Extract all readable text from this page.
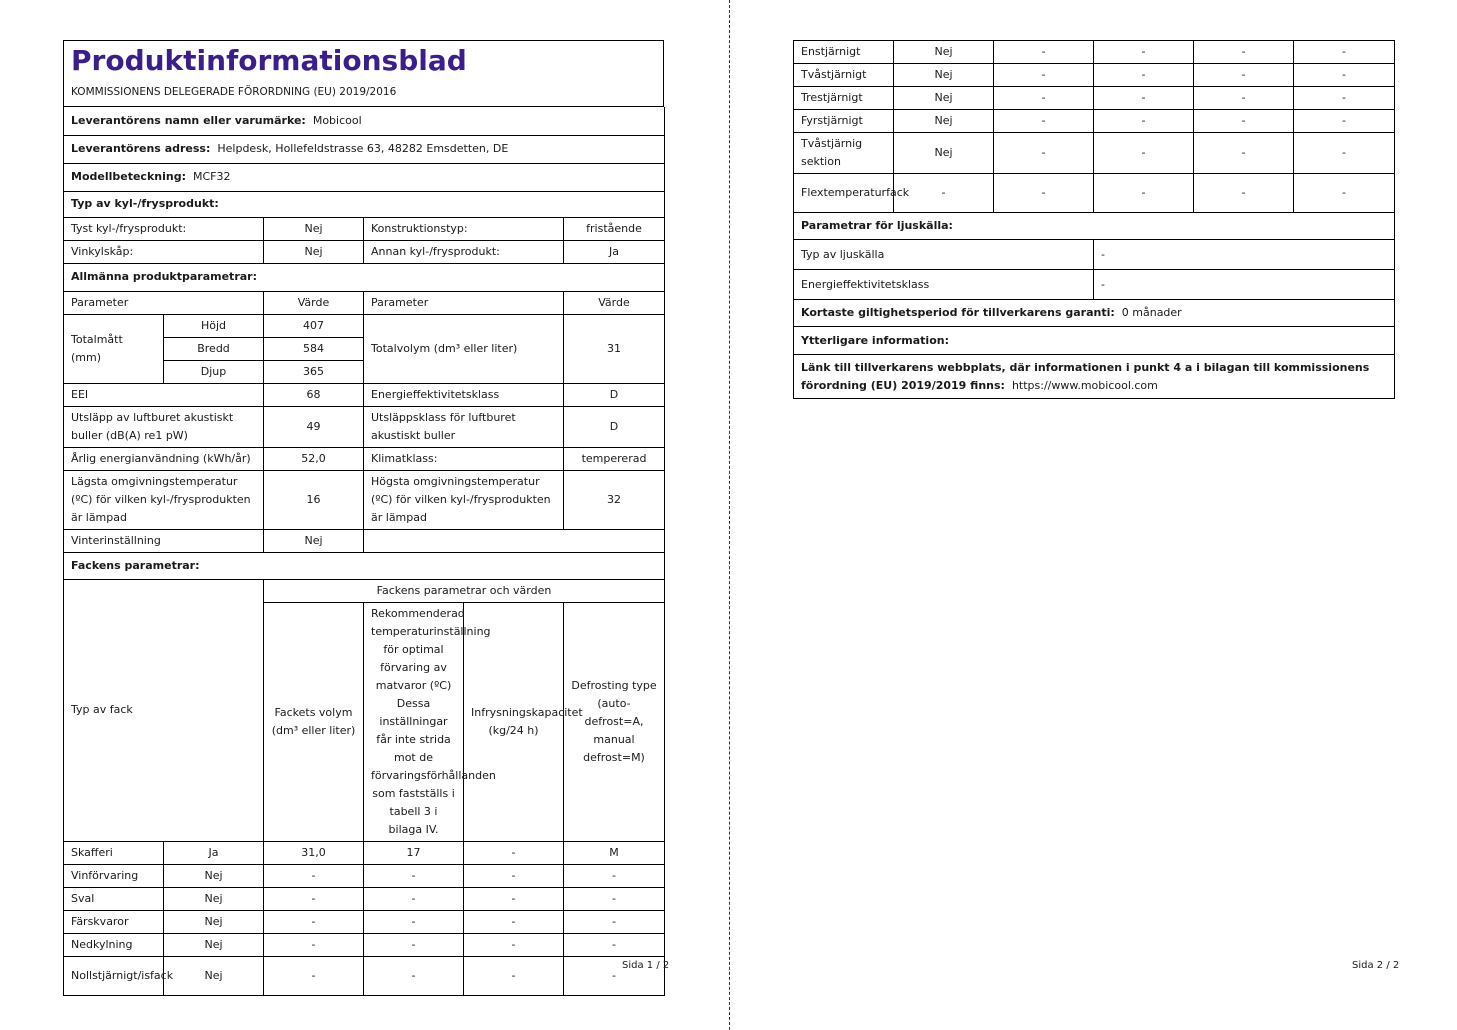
Produktinformationsblad
KOMMISSIONENS DELEGERADE FÖRORDNING (EU) 2019/2016
Leverantörens namn eller varumärke: Mobicool					
Leverantörens adress: Helpdesk, Hollefeldstrasse 63, 48282 Emsdetten, DE					
Modellbeteckning: MCF32					
Typ av kyl-/frysprodukt:					
Tyst kyl-/frysprodukt:		Nej	Konstruktionstyp:		fristående
Vinkylskåp:		Nej	Annan kyl-/frysprodukt:		Ja
Allmänna produktparametrar:					
Parameter		Värde	Parameter		Värde
Totalmått (mm)	Höjd	407	Totalvolym (dm³ eller liter)		31
	Bredd	584			
	Djup	365			
EEI		68	Energieffektivitetsklass		D
Utsläpp av luftburet akustiskt buller (dB(A) re1 pW)		49	Utsläppsklass för luftburet akustiskt buller		D
Årlig energianvändning (kWh/år)		52,0	Klimatklass:		tempererad
Lägsta omgivningstemperatur (ºC) för vilken kyl-/frysprodukten är lämpad		16	Högsta omgivningstemperatur (ºC) för vilken kyl-/frysprodukten är lämpad		32
Vinterinställning		Nej			
Fackens parametrar:					
Typ av fack		Fackens parametrar och värden			
		Fackets volym (dm³ eller liter)	Rekommenderad temperaturinställning för optimal förvaring av matvaror (ºC) Dessa inställningar får inte strida mot de förvaringsförhållanden som fastställs i tabell 3 i bilaga IV.	Infrysningskapacitet (kg/24 h)	Defrosting type (auto-defrost=A, manual defrost=M)
Skafferi	Ja	31,0	17	-	M
Vinförvaring	Nej	-	-	-	-
Sval	Nej	-	-	-	-
Färskvaror	Nej	-	-	-	-
Nedkylning	Nej	-	-	-	-
Nollstjärnigt/isfack	Nej	-	-	-	-
Sida 1 / 2
Enstjärnigt	Nej	-	-	-	-
Tvåstjärnigt	Nej	-	-	-	-
Trestjärnigt	Nej	-	-	-	-
Fyrstjärnigt	Nej	-	-	-	-
Tvåstjärnig sektion	Nej	-	-	-	-
Flextemperaturfack	-	-	-	-	-
Parametrar för ljuskälla:					
Typ av ljuskälla			-		
Energieffektivitetsklass			-		
Kortaste giltighetsperiod för tillverkarens garanti: 0 månader					
Ytterligare information:					
Länk till tillverkarens webbplats, där informationen i punkt 4 a i bilagan till kommissionens förordning (EU) 2019/2019 finns: https://www.mobicool.com					
Sida 2 / 2
